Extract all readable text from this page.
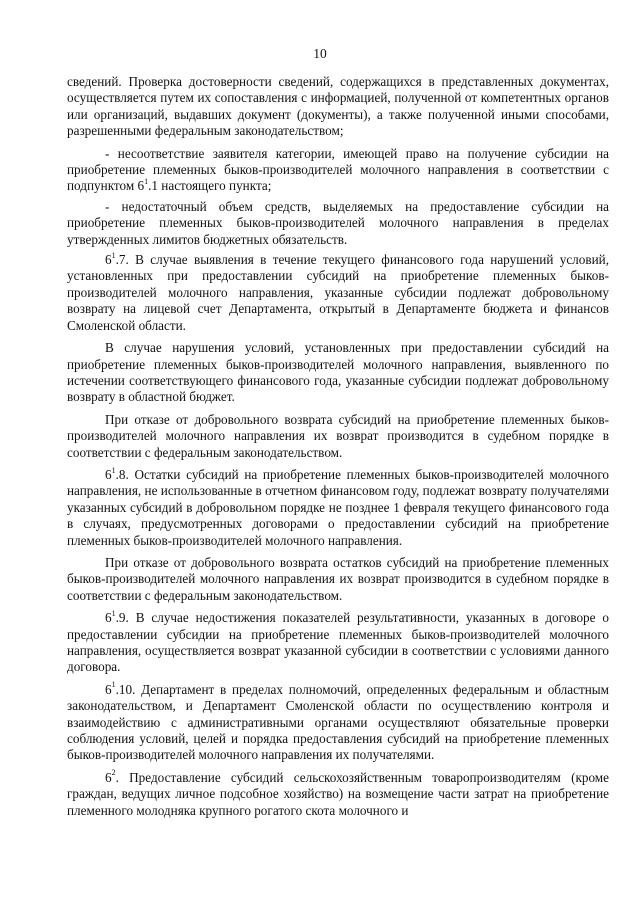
10

сведений. Проверка достоверности сведений, содержащихся в представленных документах, осуществляется путем их сопоставления с информацией, полученной от компетентных органов или организаций, выдавших документ (документы), а также полученной иными способами, разрешенными федеральным законодательством;

- несоответствие заявителя категории, имеющей право на получение субсидии на приобретение племенных быков-производителей молочного направления в соответствии с подпунктом $6^1.1$ настоящего пункта;

- недостаточный объем средств, выделяемых на предоставление субсидии на приобретение племенных быков-производителей молочного направления в пределах утвержденных лимитов бюджетных обязательств.

$6^1.7$. В случае выявления в течение текущего финансового года нарушений условий, установленных при предоставлении субсидий на приобретение племенных быков-производителей молочного направления, указанные субсидии подлежат добровольному возврату на лицевой счет Департамента, открытый в Департаменте бюджета и финансов Смоленской области.

В случае нарушения условий, установленных при предоставлении субсидий на приобретение племенных быков-производителей молочного направления, выявленного по истечении соответствующего финансового года, указанные субсидии подлежат добровольному возврату в областной бюджет.

При отказе от добровольного возврата субсидий на приобретение племенных быков-производителей молочного направления их возврат производится в судебном порядке в соответствии с федеральным законодательством.

$6^1.8$. Остатки субсидий на приобретение племенных быков-производителей молочного направления, не использованные в отчетном финансовом году, подлежат возврату получателями указанных субсидий в добровольном порядке не позднее 1 февраля текущего финансового года в случаях, предусмотренных договорами о предоставлении субсидий на приобретение племенных быков-производителей молочного направления.

При отказе от добровольного возврата остатков субсидий на приобретение племенных быков-производителей молочного направления их возврат производится в судебном порядке в соответствии с федеральным законодательством.

$6^1.9$. В случае недостижения показателей результативности, указанных в договоре о предоставлении субсидии на приобретение племенных быков-производителей молочного направления, осуществляется возврат указанной субсидии в соответствии с условиями данного договора.

$6^1.10$. Департамент в пределах полномочий, определенных федеральным и областным законодательством, и Департамент Смоленской области по осуществлению контроля и взаимодействию с административными органами осуществляют обязательные проверки соблюдения условий, целей и порядка предоставления субсидий на приобретение племенных быков-производителей молочного направления их получателями.

$6^2$. Предоставление субсидий сельскохозяйственным товаропроизводителям (кроме граждан, ведущих личное подсобное хозяйство) на возмещение части затрат на приобретение племенного молодняка крупного рогатого скота молочного и
